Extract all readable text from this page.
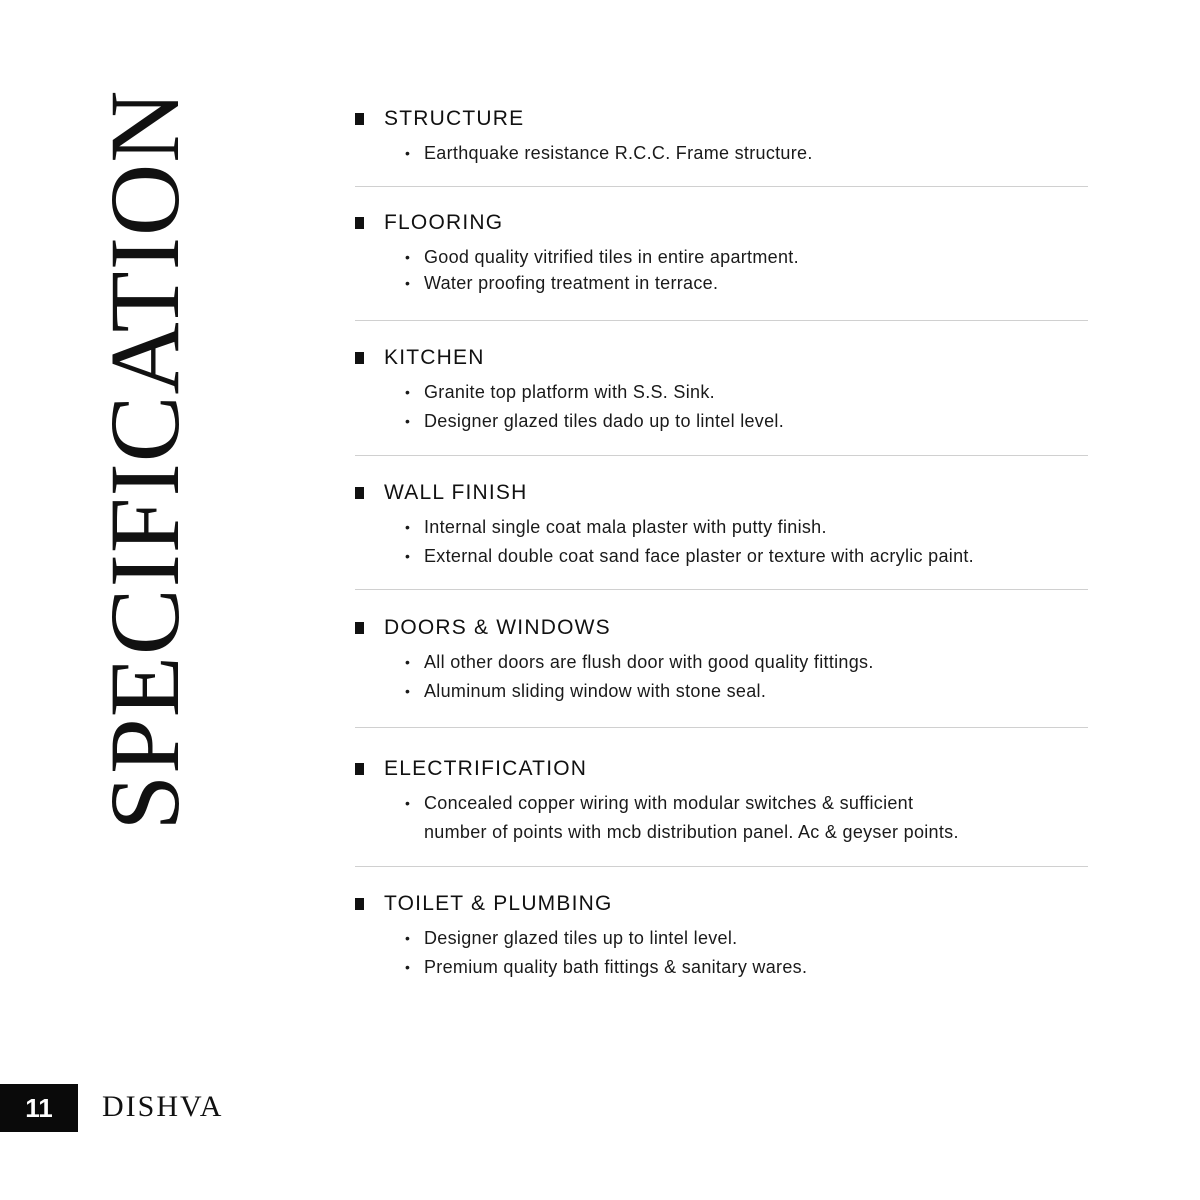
SPECIFICATION	STRUCTURE
• Earthquake resistance R.C.C. Frame structure.
FLOORING
• Good quality vitrified tiles in entire apartment.
• Water proofing treatment in terrace.
KITCHEN
• Granite top platform with S.S. Sink.
• Designer glazed tiles dado up to lintel level.
WALL FINISH
• Internal single coat mala plaster with putty finish.
• External double coat sand face plaster or texture with acrylic paint.
DOORS & WINDOWS
• All other doors are flush door with good quality fittings.
• Aluminum sliding window with stone seal.
ELECTRIFICATION
• Concealed copper wiring with modular switches & sufficient
number of points with mcb distribution panel. Ac & geyser points.
TOILET & PLUMBING
• Designer glazed tiles up to lintel level.
• Premium quality bath fittings & sanitary wares.
11 DISHVA
